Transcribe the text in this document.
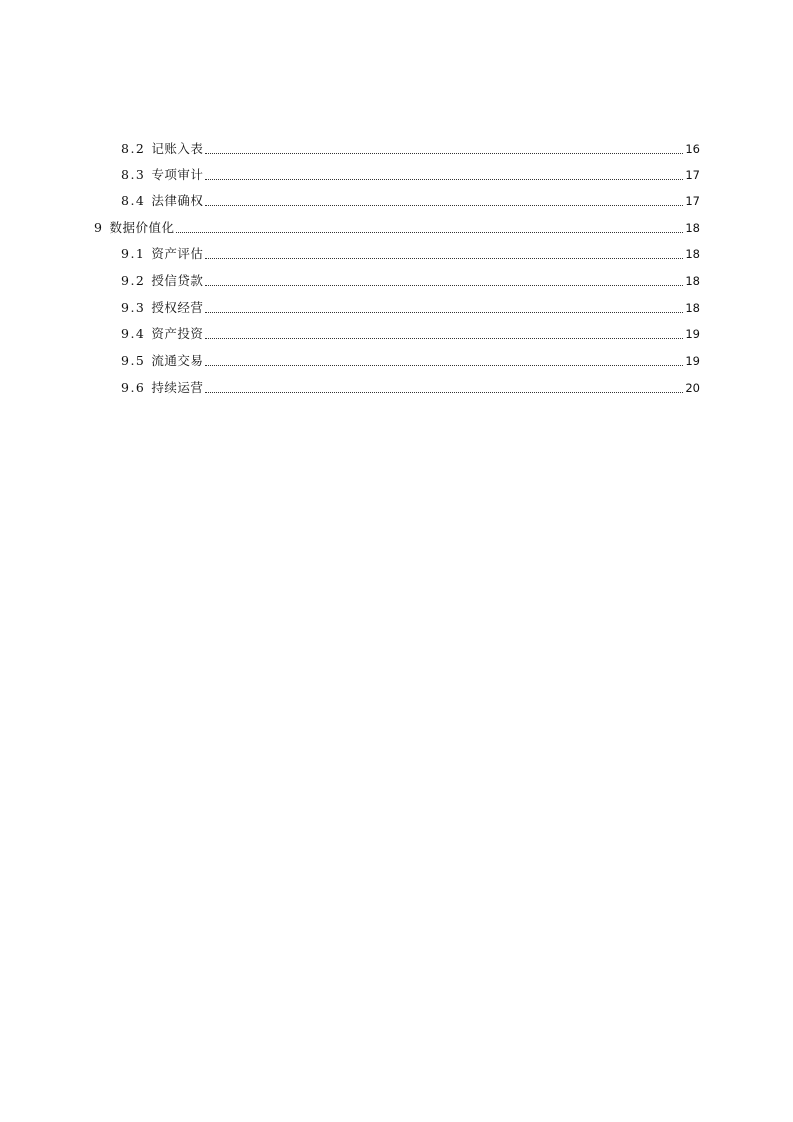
8.2 记账入表	16
8.3 专项审计	17
8.4 法律确权	17
9 数据价值化	18
9.1 资产评估	18
9.2 授信贷款	18
9.3 授权经营	18
9.4 资产投资	19
9.5 流通交易	19
9.6 持续运营	20
